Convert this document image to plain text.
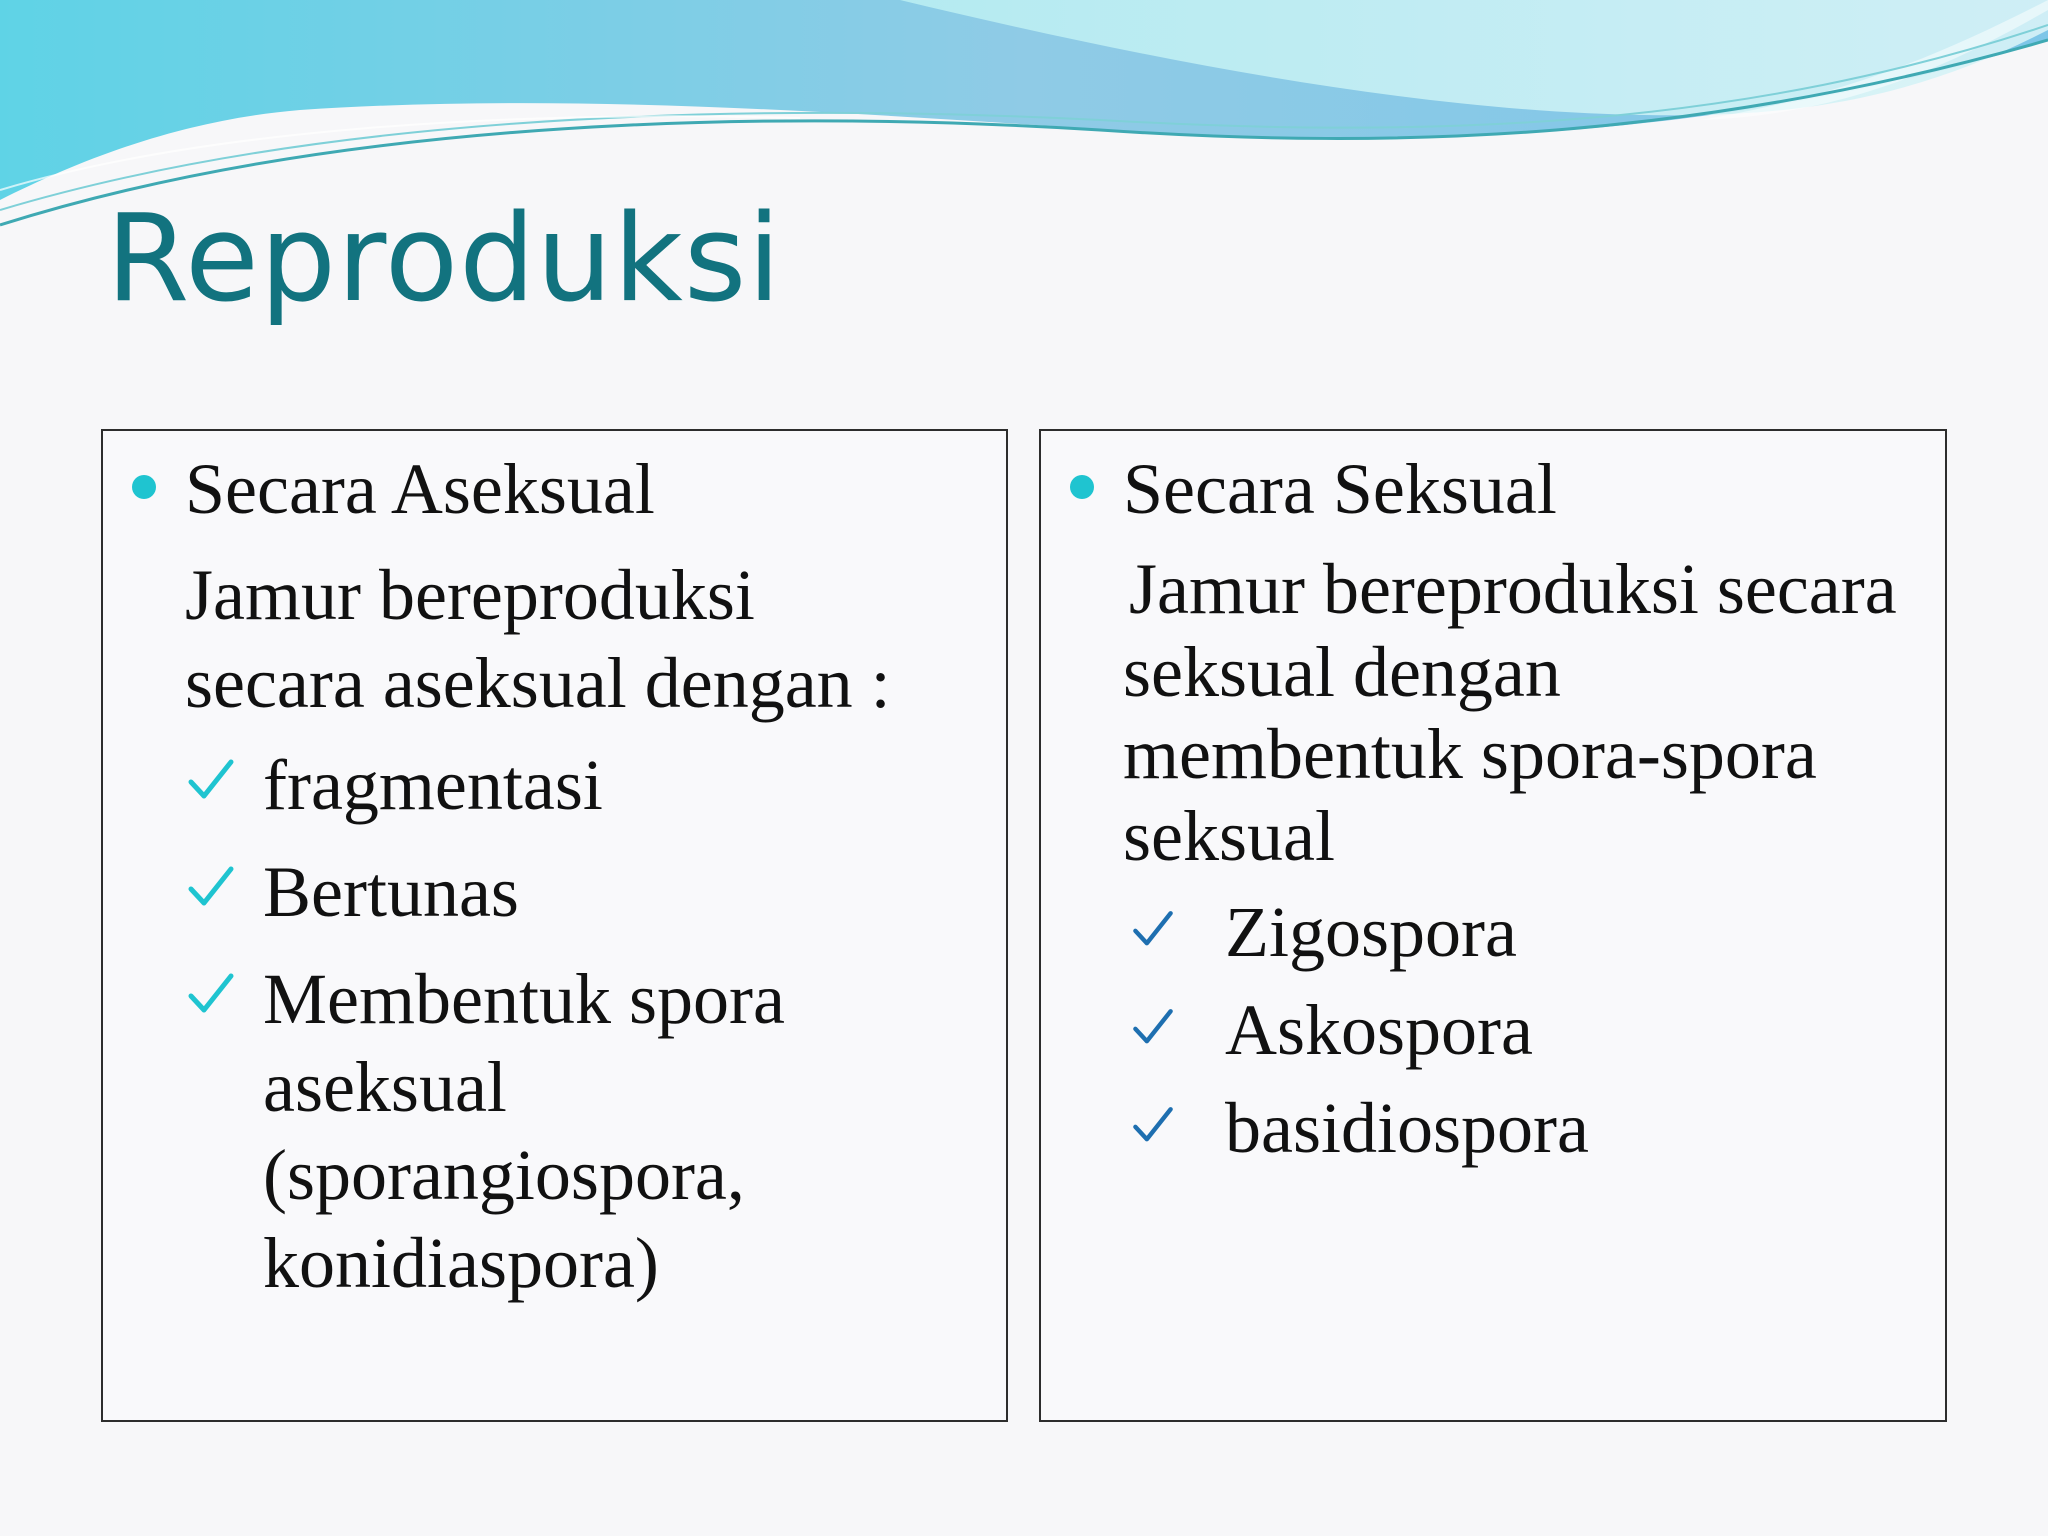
Reproduksi
Secara Aseksual
Jamur bereproduksi
secara aseksual dengan :
fragmentasi
Bertunas
Membentuk spora
aseksual
(sporangiospora,
konidiaspora)
Secara Seksual
Jamur bereproduksi secara
seksual dengan
membentuk spora-spora
seksual
Zigospora
Askospora
basidiospora
